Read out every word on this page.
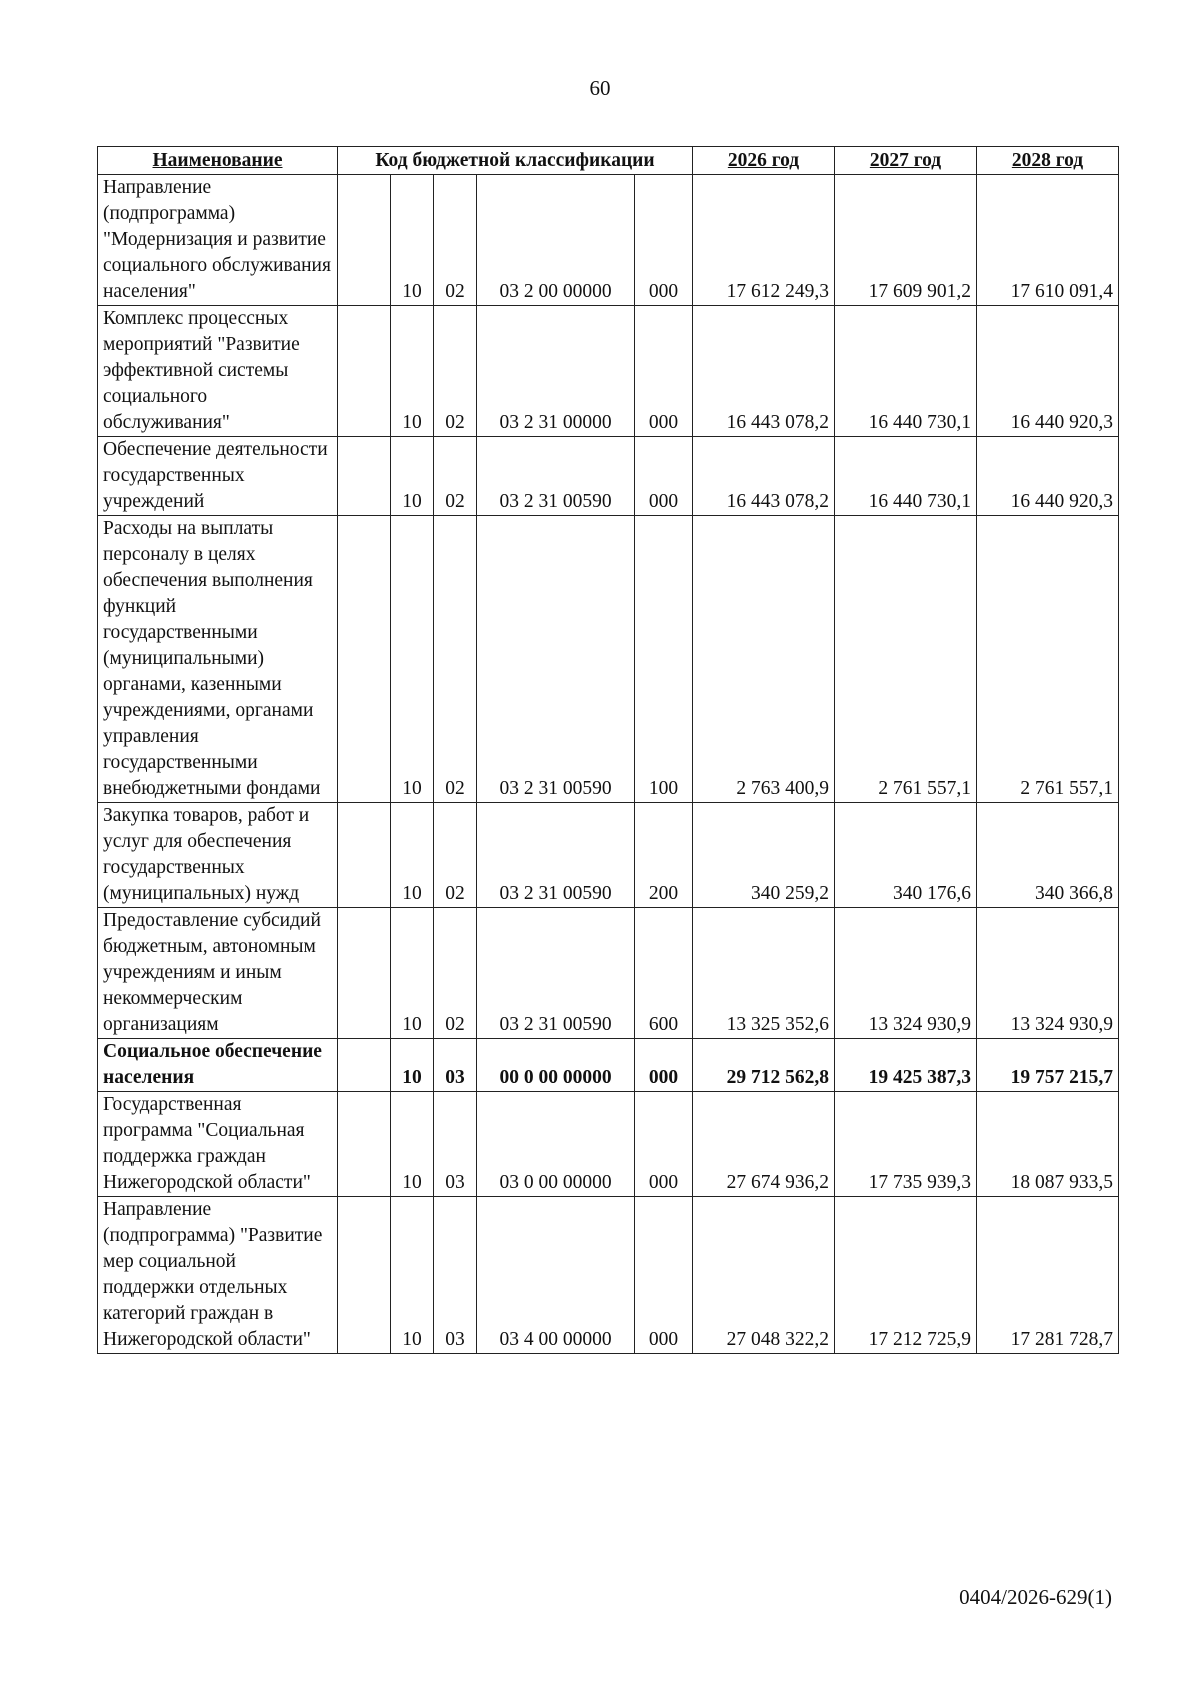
60
Наименование	Код бюджетной классификации					2026 год	2027 год	2028 год
Направление (подпрограмма) "Модернизация и развитие социального обслуживания населения"		10	02	03 2 00 00000	000	17 612 249,3	17 609 901,2	17 610 091,4
Комплекс процессных мероприятий "Развитие эффективной системы социального обслуживания"		10	02	03 2 31 00000	000	16 443 078,2	16 440 730,1	16 440 920,3
Обеспечение деятельности государственных учреждений		10	02	03 2 31 00590	000	16 443 078,2	16 440 730,1	16 440 920,3
Расходы на выплаты персоналу в целях обеспечения выполнения функций государственными (муниципальными) органами, казенными учреждениями, органами управления государственными внебюджетными фондами		10	02	03 2 31 00590	100	2 763 400,9	2 761 557,1	2 761 557,1
Закупка товаров, работ и услуг для обеспечения государственных (муниципальных) нужд		10	02	03 2 31 00590	200	340 259,2	340 176,6	340 366,8
Предоставление субсидий бюджетным, автономным учреждениям и иным некоммерческим организациям		10	02	03 2 31 00590	600	13 325 352,6	13 324 930,9	13 324 930,9
Социальное обеспечение населения		10	03	00 0 00 00000	000	29 712 562,8	19 425 387,3	19 757 215,7
Государственная программа "Социальная поддержка граждан Нижегородской области"		10	03	03 0 00 00000	000	27 674 936,2	17 735 939,3	18 087 933,5
Направление (подпрограмма) "Развитие мер социальной поддержки отдельных категорий граждан в Нижегородской области"		10	03	03 4 00 00000	000	27 048 322,2	17 212 725,9	17 281 728,7
0404/2026-629(1)
